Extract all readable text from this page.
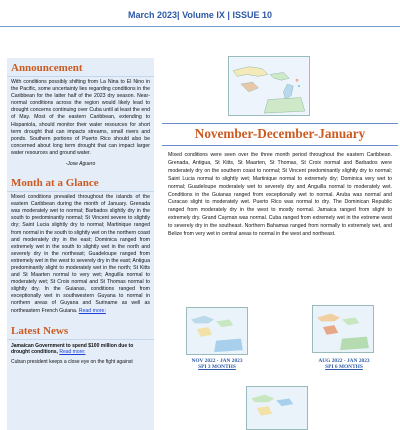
March 2023| Volume IX | ISSUE 10
Announcement
With conditions possibly shifting from La Nina to El Nino in the Pacific, some uncertainty lies regarding conditions in the Caribbean for the latter half of the 2023 dry season. Near-normal conditions across the region would likely lead to drought concerns continuing over Cuba until at least the end of May. Most of the eastern Caribbean, extending to Hispaniola, should monitor their water resources for short term drought that can impacts streams, small rivers and ponds. Southern portions of Puerto Rico should also be concerned about long term drought that can impact larger water resources and ground water.
-Jose Aguero
Month at a Glance
Mixed conditions prevailed throughout the islands of the eastern Caribbean during the month of January. Grenada was moderately wet to normal; Barbados slightly dry in the south to predominantly normal; St Vincent severe to slightly dry; Saint Lucia slightly dry to normal; Martinique ranged from normal in the south to slightly wet on the northern coast and moderately dry in the east; Dominica ranged from extremely wet in the south to slightly wet in the north and severely dry in the northeast; Guadeloupe ranged from extremely wet in the west to severely dry in the east; Antigua predominantly slight to moderately wet in the north; St Kitts and St Maarten normal to very wet; Anguilla normal to moderately wet; St Croix normal and St Thomas normal to slightly dry. In the Guianas, conditions ranged from exceptionally wet in southwestern Guyana to normal in northern areas of Guyana and Suriname as well as northeastern French Guiana. Read more:
Latest News
Jamaican Government to spend $100 million due to drought conditions, Read more:
Cuban president keeps a close eye on the fight against
November-December-January
Mixed conditions were seen over the three month period throughout the eastern Caribbean. Grenada, Antigua, St Kitts, St Maarten, St Thomas, St Croix normal and Barbados were moderately dry on the southern coast to normal; St Vincent predominantly slightly dry to normal; Saint Lucia normal to slightly wet; Martinique normal to extremely dry; Dominica very wet to normal; Guadeloupe moderately wet to severely dry and Anguilla normal to moderately wet. Conditions in the Guianas ranged from exceptionally wet to normal. Aruba was normal and Curacao slight to moderately wet. Puerto Rico was normal to dry. The Dominican Republic ranged from moderately dry in the west to mostly normal. Jamaica ranged from slight to extremely dry. Grand Cayman was normal. Cuba ranged from extremely wet in the extreme west to severely dry in the southeast. Northern Bahamas ranged from normally to extremely wet, and Belize from very wet in central areas to normal in the west and northeast.
NOV 2022 - JAN 2023
SPI 3 MONTHS
AUG 2022 - JAN 2023
SPI 6 MONTHS
